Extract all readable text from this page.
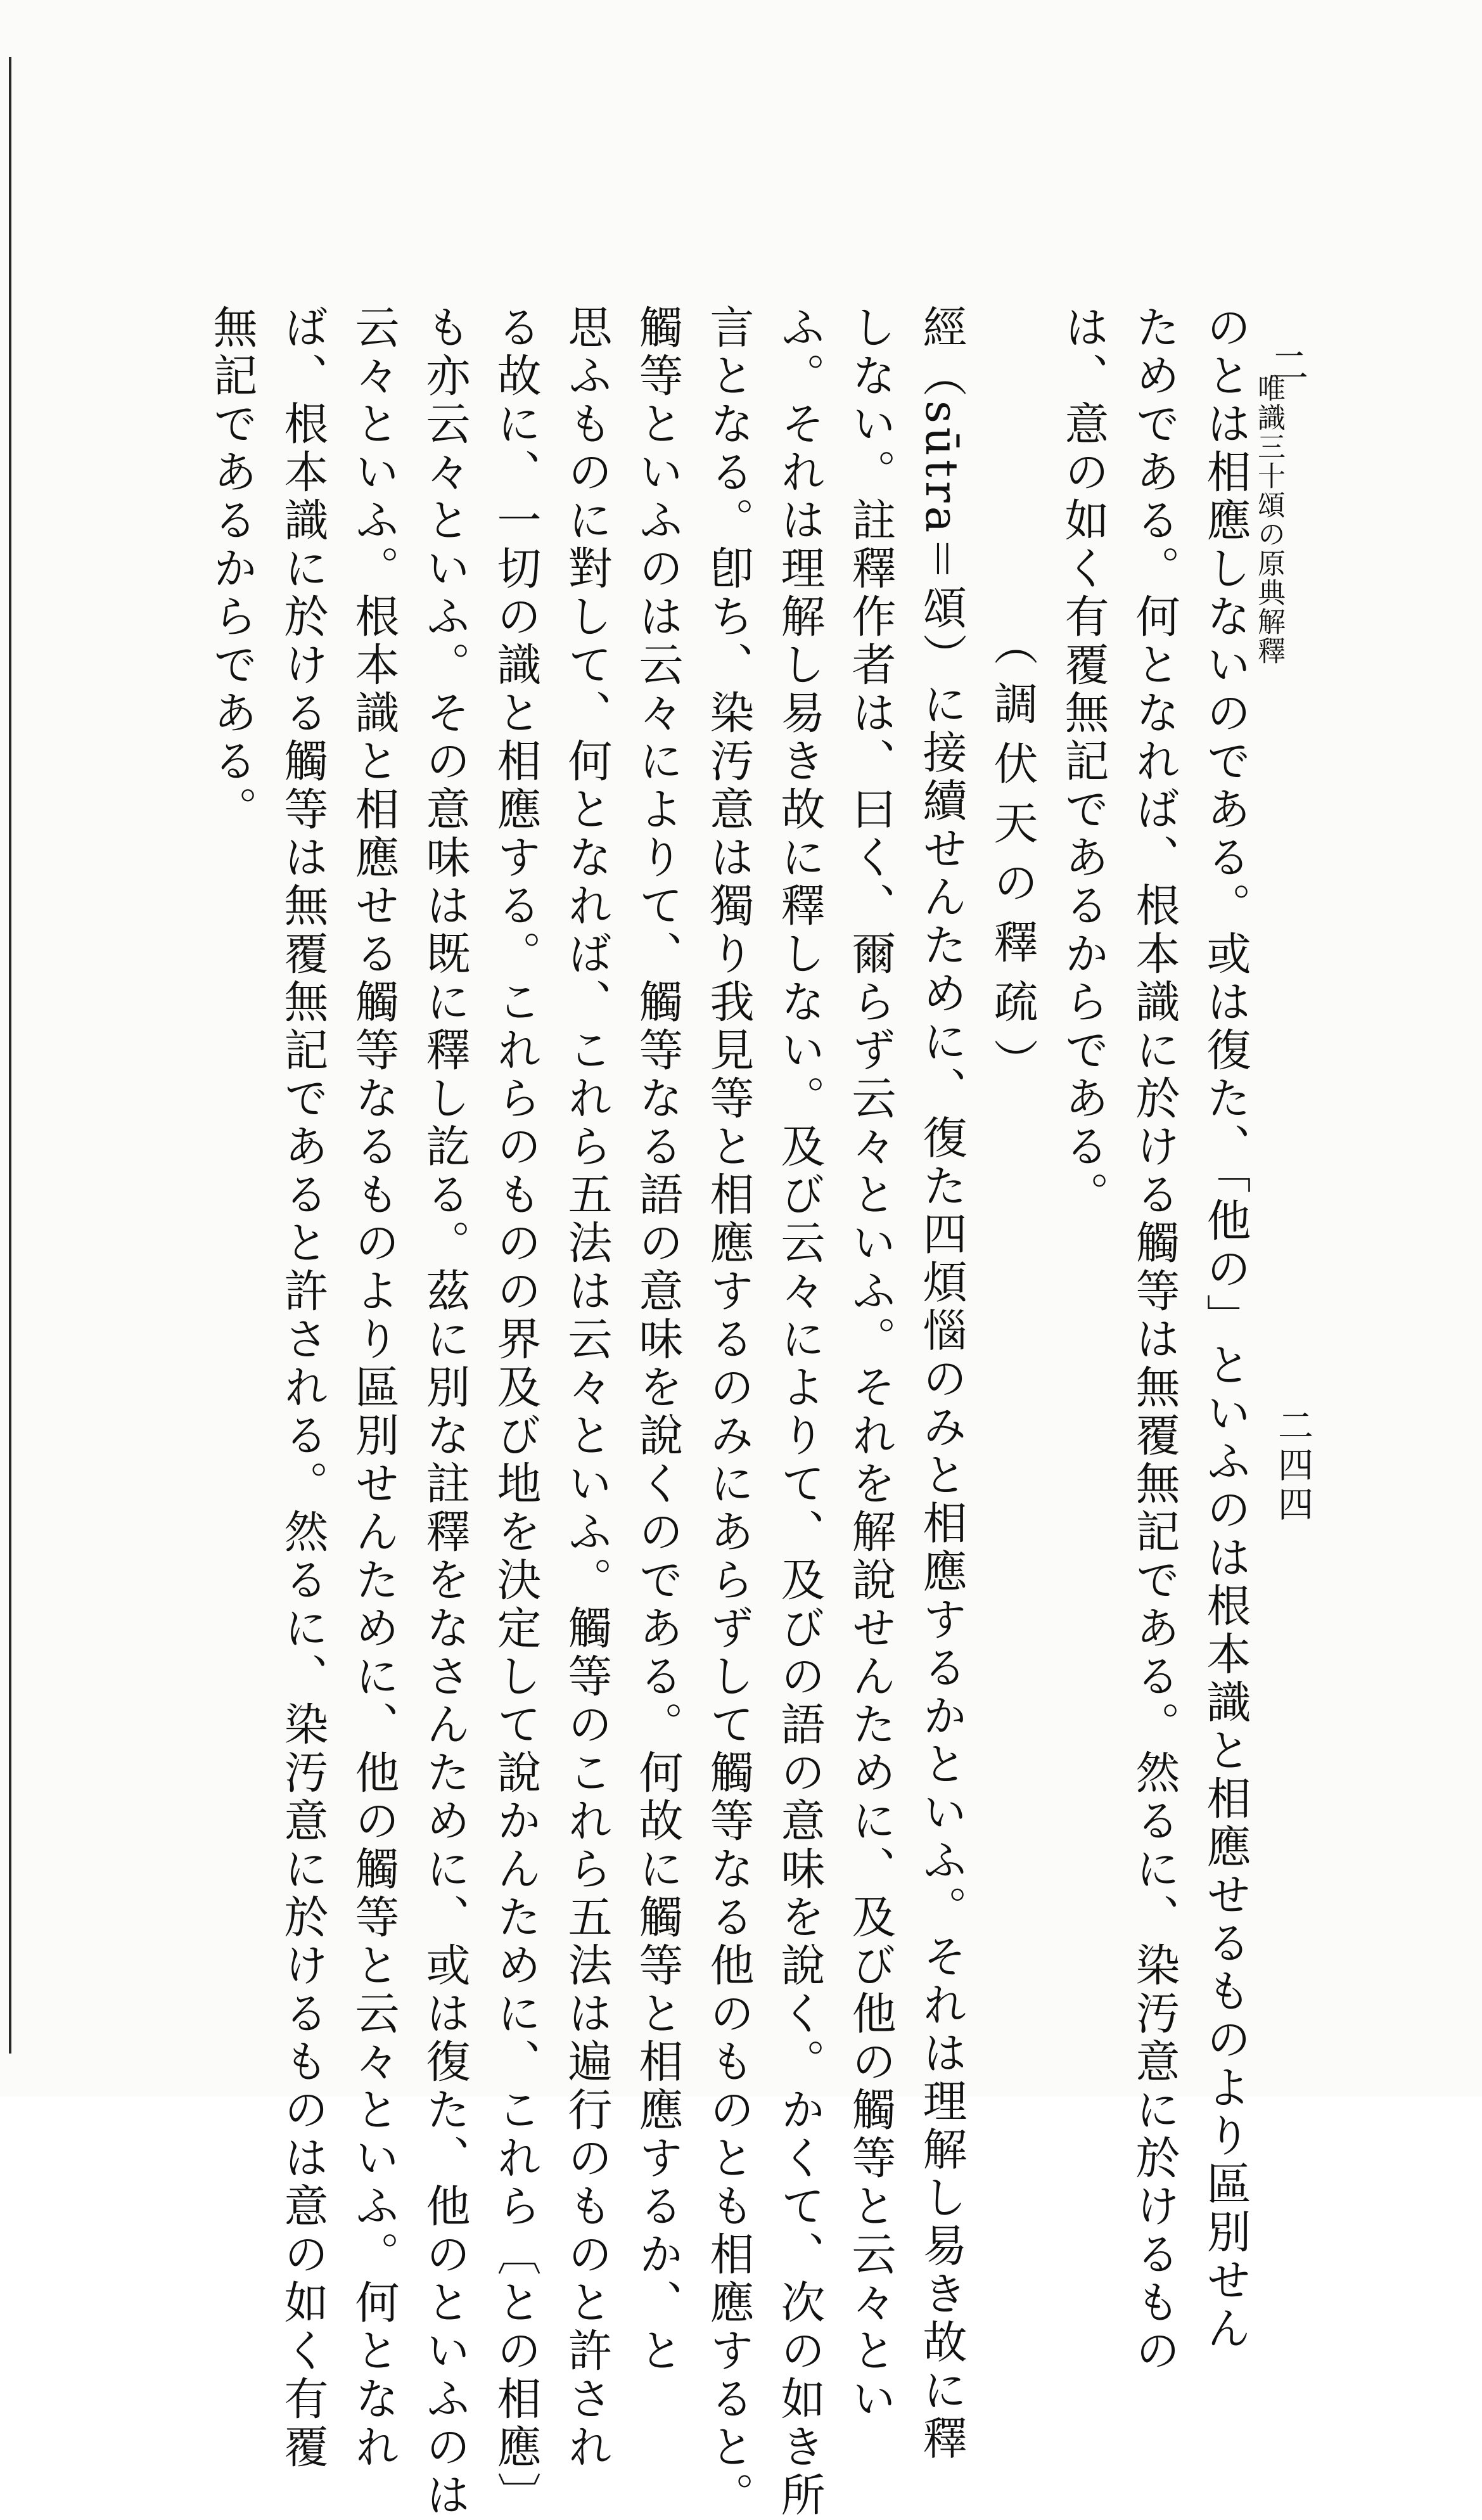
二
唯識三十頌の原典解釋
二四四

のとは相應しないのである。或は復た、「他の」といふのは根本識と相應せるものより區別せん

ためである。何となれば、根本識に於ける觸等は無覆無記である。然るに、染汚意に於けるもの

は、意の如く有覆無記であるからである。

（調伏天の釋疏）

經（sūtra＝頌）に接續せんために、復た四煩惱のみと相應するかといふ。それは理解し易き故に釋

しない。註釋作者は、曰く、爾らず云々といふ。それを解說せんために、及び他の觸等と云々とい

ふ。それは理解し易き故に釋しない。及び云々によりて、及びの語の意味を說く。かくて、次の如き所

言となる。卽ち、染汚意は獨り我見等と相應するのみにあらずして觸等なる他のものとも相應すると。

觸等といふのは云々によりて、觸等なる語の意味を說くのである。何故に觸等と相應するか、と

思ふものに對して、何となれば、これら五法は云々といふ。觸等のこれら五法は遍行のものと許され

る故に、一切の識と相應する。これらのものの界及び地を決定して說かんために、これら〔との相應〕

も亦云々といふ。その意味は既に釋し訖る。茲に別な註釋をなさんために、或は復た、他のといふのは

云々といふ。根本識と相應せる觸等なるものより區別せんために、他の觸等と云々といふ。何となれ

ば、根本識に於ける觸等は無覆無記であると許される。然るに、染汚意に於けるものは意の如く有覆

無記であるからである。
